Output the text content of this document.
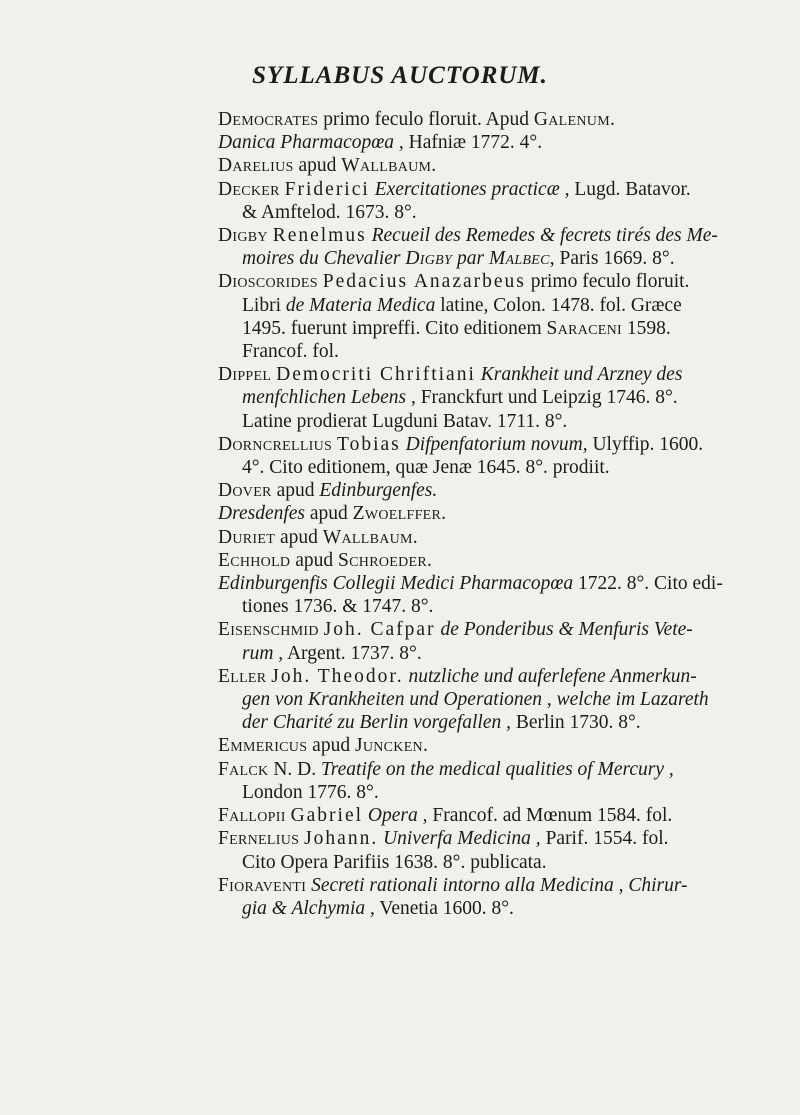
SYLLABUS AUCTORUM.
Democrates primo feculo floruit. Apud Galenum.
Danica Pharmacopœa , Hafniæ 1772. 4°.
Darelius apud Wallbaum.
Decker Friderici Exercitationes practicæ , Lugd. Batavor.
& Amftelod. 1673. 8°.
Digby Renelmus Recueil des Remedes & fecrets tirés des Me-
moires du Chevalier Digby par Malbec, Paris 1669. 8°.
Dioscorides Pedacius Anazarbeus primo feculo floruit.
Libri de Materia Medica latine, Colon. 1478. fol. Græce
1495. fuerunt impreffi. Cito editionem Saraceni 1598.
Francof. fol.
Dippel Democriti Chriftiani Krankheit und Arzney des
menfchlichen Lebens , Franckfurt und Leipzig 1746. 8°.
Latine prodierat Lugduni Batav. 1711. 8°.
Dorncrellius Tobias Difpenfatorium novum, Ulyffip. 1600.
4°. Cito editionem, quæ Jenæ 1645. 8°. prodiit.
Dover apud Edinburgenfes.
Dresdenfes apud Zwoelffer.
Duriet apud Wallbaum.
Echhold apud Schroeder.
Edinburgenfis Collegii Medici Pharmacopœa 1722. 8°. Cito edi-
tiones 1736. & 1747. 8°.
Eisenschmid Joh. Cafpar de Ponderibus & Menfuris Vete-
rum , Argent. 1737. 8°.
Eller Joh. Theodor. nutzliche und auferlefene Anmerkun-
gen von Krankheiten und Operationen , welche im Lazareth
der Charité zu Berlin vorgefallen , Berlin 1730. 8°.
Emmericus apud Juncken.
Falck N. D. Treatife on the medical qualities of Mercury ,
London 1776. 8°.
Fallopii Gabriel Opera , Francof. ad Mœnum 1584. fol.
Fernelius Johann. Univerfa Medicina , Parif. 1554. fol.
Cito Opera Parifiis 1638. 8°. publicata.
Fioraventi Secreti rationali intorno alla Medicina , Chirur-
gia & Alchymia , Venetia 1600. 8°.
